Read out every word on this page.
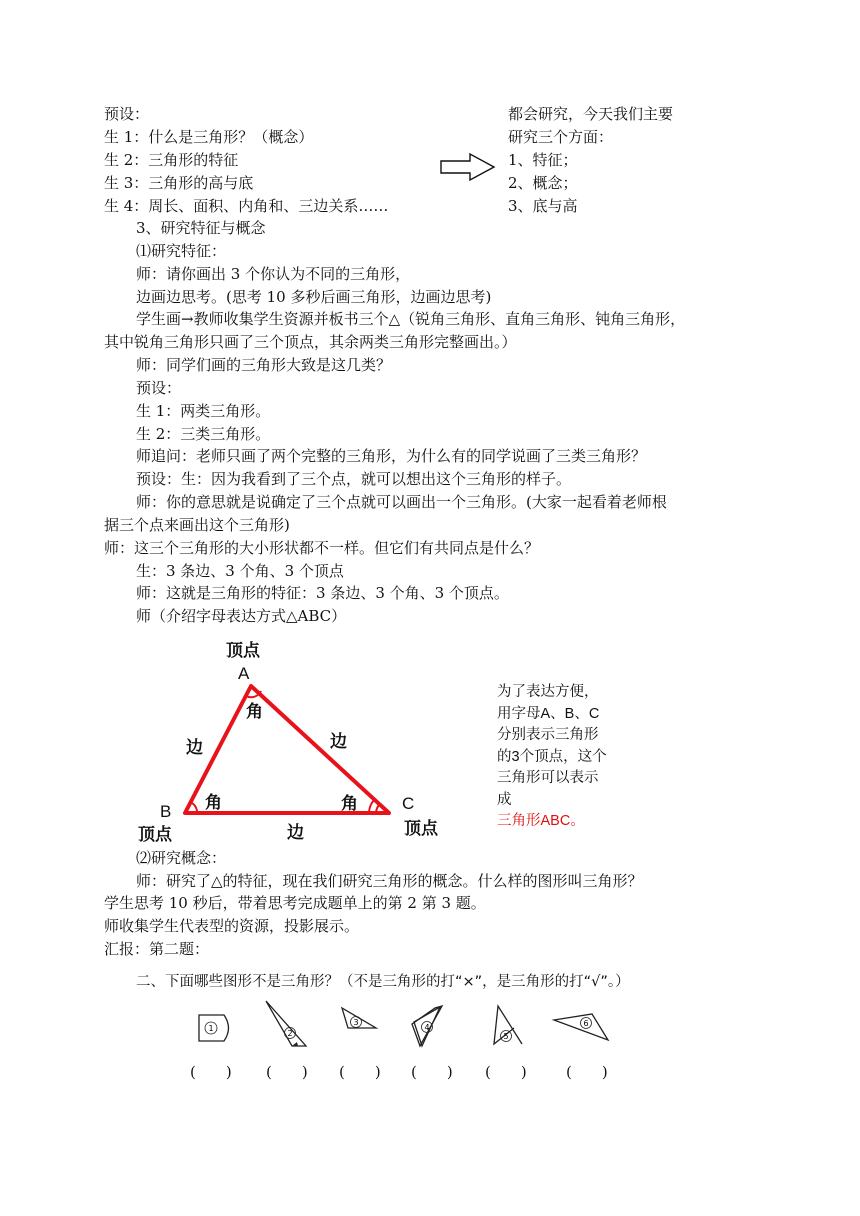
预设：
生 1：什么是三角形？（概念）
生 2：三角形的特征
生 3：三角形的高与底
生 4：周长、面积、内角和、三边关系……
都会研究，今天我们主要
研究三个方面：
1、特征；
2、概念；
3、底与高
3、研究特征与概念
⑴研究特征：
师：请你画出 3 个你认为不同的三角形，
边画边思考。(思考 10 多秒后画三角形，边画边思考)
学生画→教师收集学生资源并板书三个△（锐角三角形、直角三角形、钝角三角形，
其中锐角三角形只画了三个顶点，其余两类三角形完整画出。）
师：同学们画的三角形大致是这几类？
预设：
生 1：两类三角形。
生 2：三类三角形。
师追问：老师只画了两个完整的三角形，为什么有的同学说画了三类三角形？
预设：生：因为我看到了三个点，就可以想出这个三角形的样子。
师：你的意思就是说确定了三个点就可以画出一个三角形。(大家一起看着老师根
据三个点来画出这个三角形)
师：这三个三角形的大小形状都不一样。但它们有共同点是什么？
生：3 条边、3 个角、3 个顶点
师：这就是三角形的特征：3 条边、3 个角、3 个顶点。
师（介绍字母表达方式△ABC）
顶点
A
角
边	边
角	角
B	C
顶点	边	顶点
为了表达方便，用字母A、B、C分别表示三角形的3个顶点，这个三角形可以表示成
三角形ABC。
⑵研究概念：
师：研究了△的特征，现在我们研究三角形的概念。什么样的图形叫三角形？
学生思考 10 秒后，带着思考完成题单上的第 2 第 3 题。
师收集学生代表型的资源，投影展示。
汇报：第二题：
二、下面哪些图形不是三角形？（不是三角形的打“×”，是三角形的打“√”。）
1
2
3
4
5
6
(　　) (　　) (　　) (　　) (　　)	(　　)
